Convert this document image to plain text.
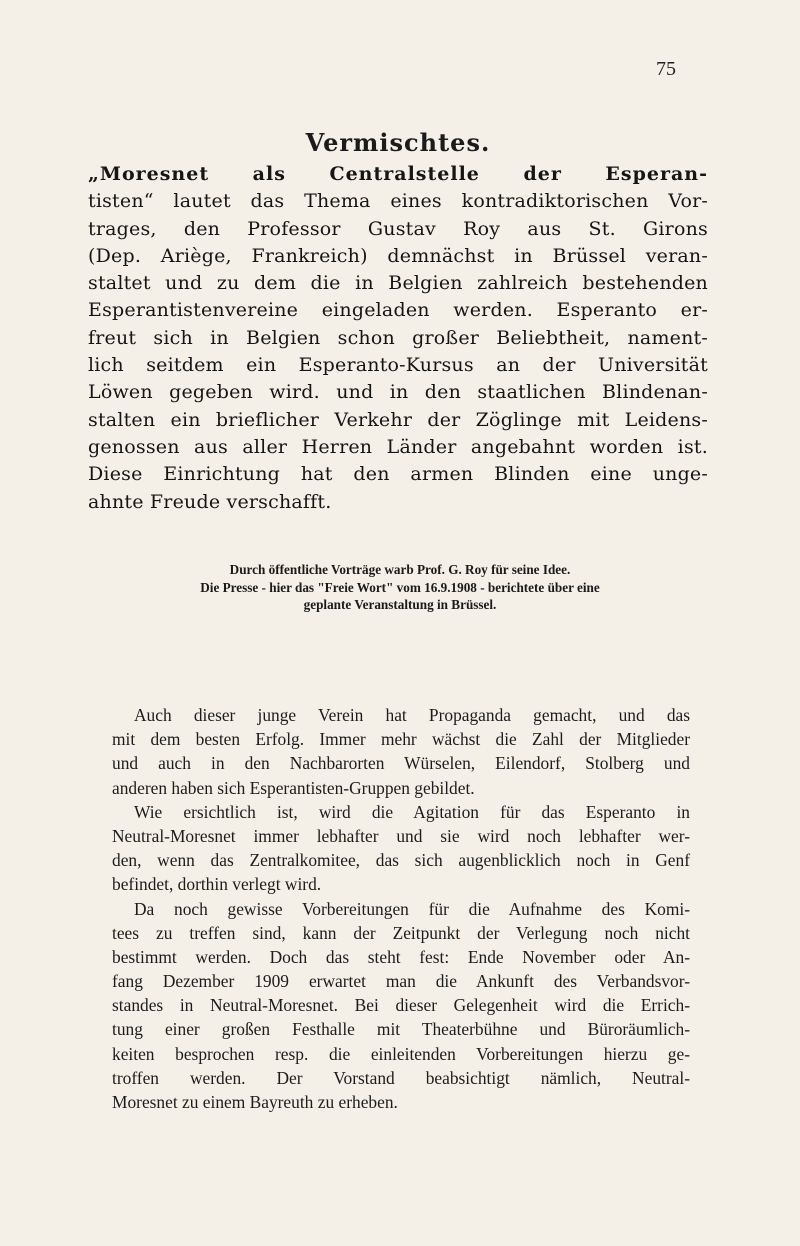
75
Vermischtes.
„Moresnet als Centralstelle der Esperan-
tisten“ lautet das Thema eines kontradiktorischen Vor-
trages, den Professor Gustav Roy aus St. Girons
(Dep. Ariège, Frankreich) demnächst in Brüssel veran-
staltet und zu dem die in Belgien zahlreich bestehenden
Esperantistenvereine eingeladen werden. Esperanto er-
freut sich in Belgien schon großer Beliebtheit, nament-
lich seitdem ein Esperanto-Kursus an der Universität
Löwen gegeben wird. und in den staatlichen Blindenan-
stalten ein brieflicher Verkehr der Zöglinge mit Leidens-
genossen aus aller Herren Länder angebahnt worden ist.
Diese Einrichtung hat den armen Blinden eine unge-
ahnte Freude verschafft.
Durch öffentliche Vorträge warb Prof. G. Roy für seine Idee.
Die Presse - hier das "Freie Wort" vom 16.9.1908 - berichtete über eine
geplante Veranstaltung in Brüssel.
Auch dieser junge Verein hat Propaganda gemacht, und das
mit dem besten Erfolg. Immer mehr wächst die Zahl der Mitglieder
und auch in den Nachbarorten Würselen, Eilendorf, Stolberg und
anderen haben sich Esperantisten-Gruppen gebildet.
Wie ersichtlich ist, wird die Agitation für das Esperanto in
Neutral-Moresnet immer lebhafter und sie wird noch lebhafter wer-
den, wenn das Zentralkomitee, das sich augenblicklich noch in Genf
befindet, dorthin verlegt wird.
Da noch gewisse Vorbereitungen für die Aufnahme des Komi-
tees zu treffen sind, kann der Zeitpunkt der Verlegung noch nicht
bestimmt werden. Doch das steht fest: Ende November oder An-
fang Dezember 1909 erwartet man die Ankunft des Verbandsvor-
standes in Neutral-Moresnet. Bei dieser Gelegenheit wird die Errich-
tung einer großen Festhalle mit Theaterbühne und Büroräumlich-
keiten besprochen resp. die einleitenden Vorbereitungen hierzu ge-
troffen werden. Der Vorstand beabsichtigt nämlich, Neutral-
Moresnet zu einem Bayreuth zu erheben.
